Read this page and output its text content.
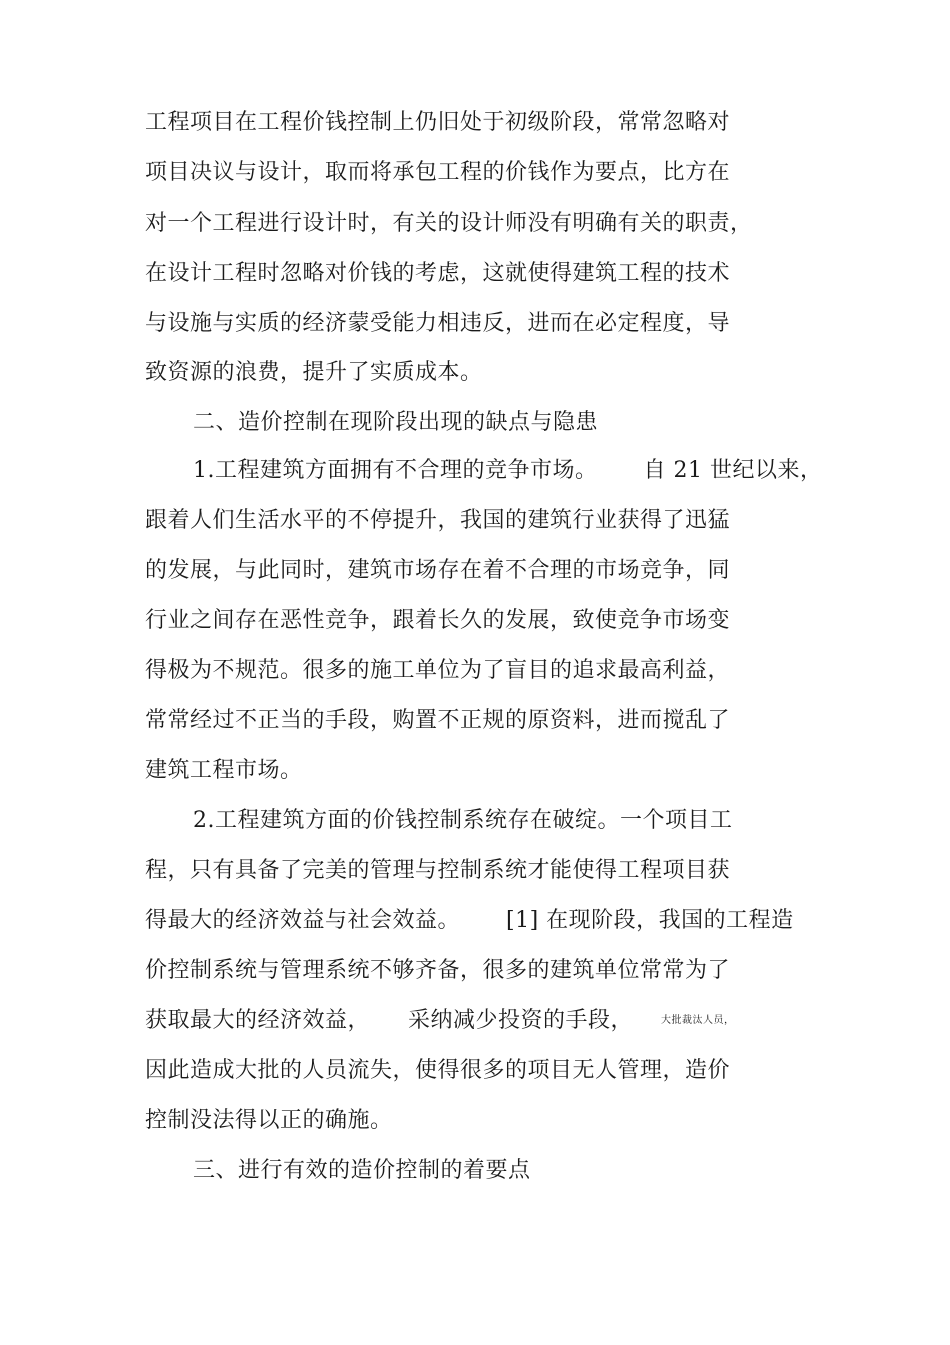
工程项目在工程价钱控制上仍旧处于初级阶段，常常忽略对
项目决议与设计，取而将承包工程的价钱作为要点，比方在
对一个工程进行设计时，有关的设计师没有明确有关的职责，
在设计工程时忽略对价钱的考虑，这就使得建筑工程的技术
与设施与实质的经济蒙受能力相违反，进而在必定程度，导
致资源的浪费，提升了实质成本。
二、造价控制在现阶段出现的缺点与隐患
1.工程建筑方面拥有不合理的竞争市场。 自 21 世纪以来，
跟着人们生活水平的不停提升，我国的建筑行业获得了迅猛
的发展，与此同时，建筑市场存在着不合理的市场竞争，同
行业之间存在恶性竞争，跟着长久的发展，致使竞争市场变
得极为不规范。很多的施工单位为了盲目的追求最高利益，
常常经过不正当的手段，购置不正规的原资料，进而搅乱了
建筑工程市场。
2.工程建筑方面的价钱控制系统存在破绽。一个项目工
程，只有具备了完美的管理与控制系统才能使得工程项目获
得最大的经济效益与社会效益。 [1] 在现阶段，我国的工程造
价控制系统与管理系统不够齐备，很多的建筑单位常常为了
获取最大的经济效益， 采纳减少投资的手段，	大批裁汰人员，
因此造成大批的人员流失，使得很多的项目无人管理，造价
控制没法得以正的确施。
三、进行有效的造价控制的着要点
